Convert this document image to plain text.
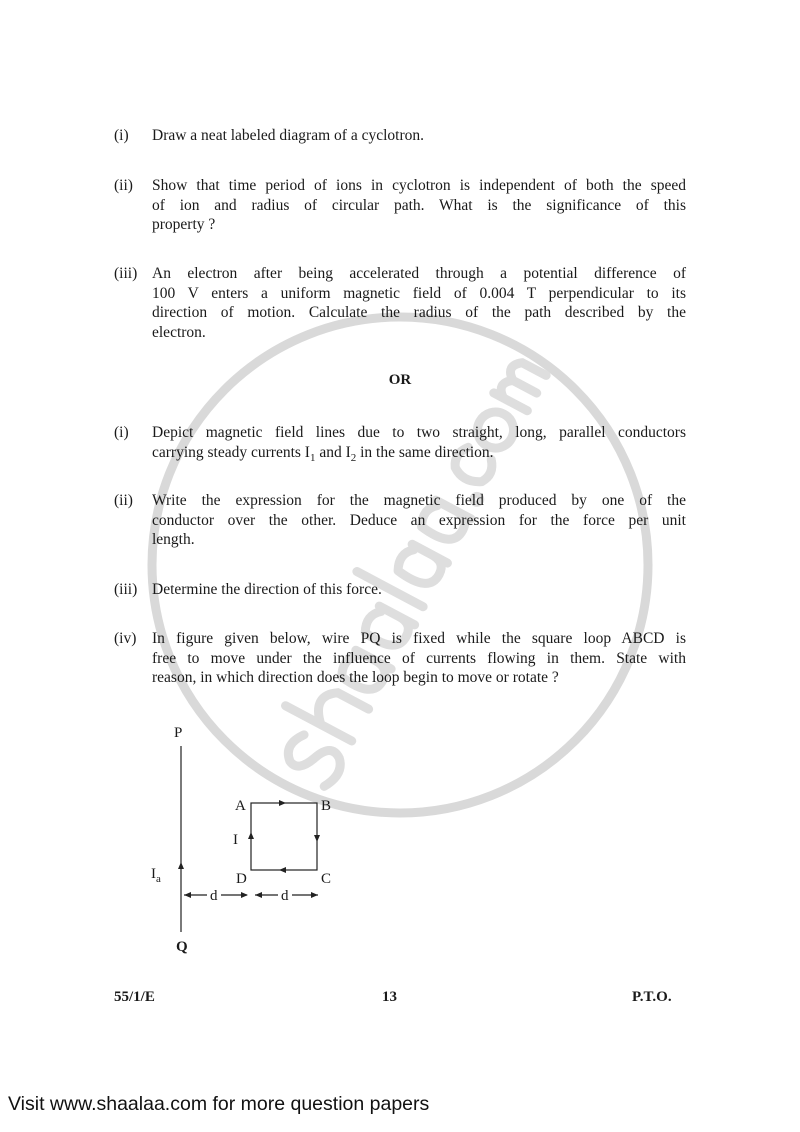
(i) Draw a neat labeled diagram of a cyclotron.
(ii) Show that time period of ions in cyclotron is independent of both the speed
of ion and radius of circular path. What is the significance of this
property ?
(iii) An electron after being accelerated through a potential difference of
100 V enters a uniform magnetic field of 0.004 T perpendicular to its
direction of motion. Calculate the radius of the path described by the
electron.
OR
(i) Depict magnetic field lines due to two straight, long, parallel conductors
carrying steady currents $I_1$ and $I_2$ in the same direction.
(ii) Write the expression for the magnetic field produced by one of the
conductor over the other. Deduce an expression for the force per unit
length.
(iii) Determine the direction of this force.
(iv) In figure given below, wire PQ is fixed while the square loop ABCD is
free to move under the influence of currents flowing in them. State with
reason, in which direction does the loop begin to move or rotate ?
P
Q
A	B
C
D
I
$I_a$
d	d
55/1/E	13	P.T.O.
Visit www.shaalaa.com for more question papers
